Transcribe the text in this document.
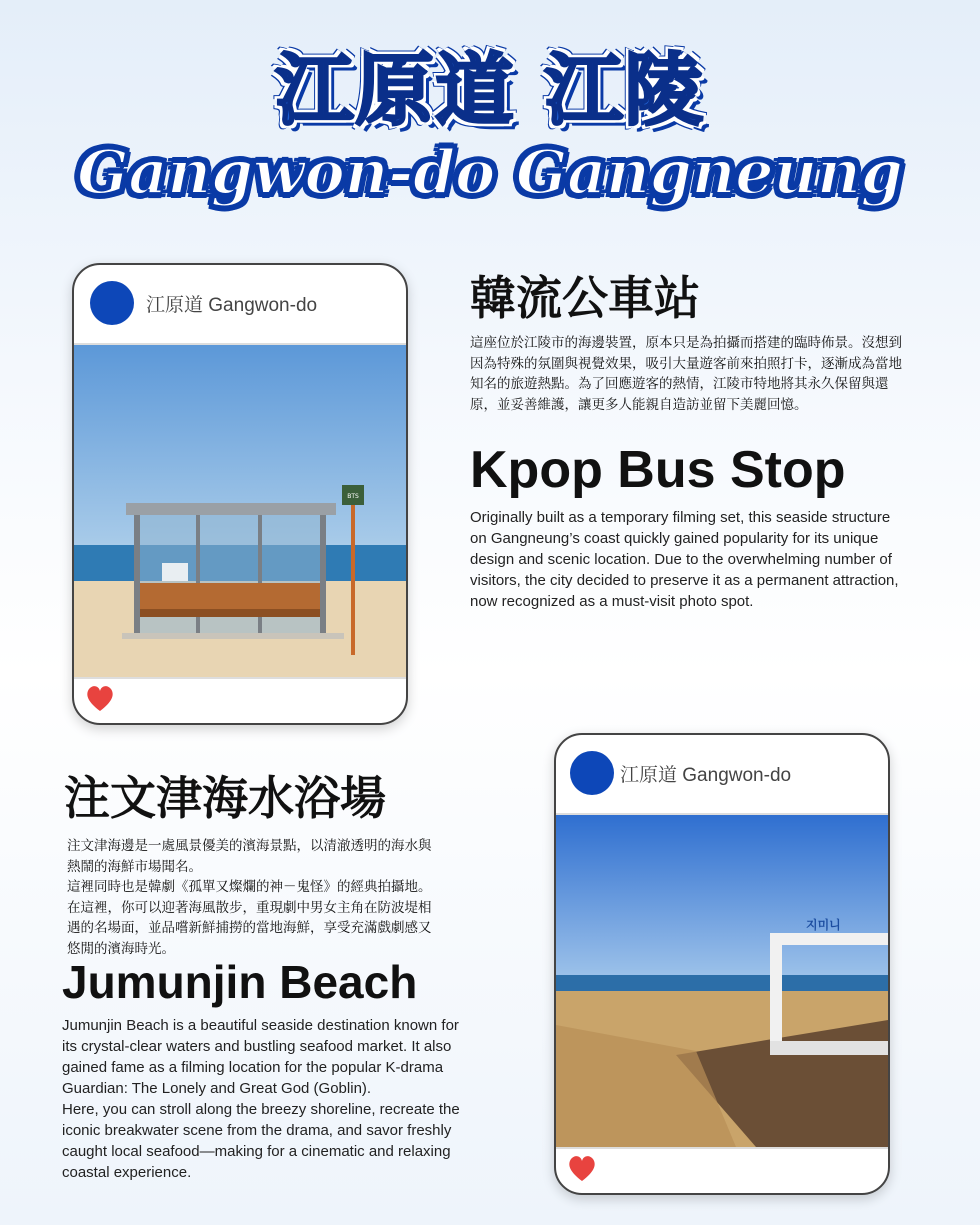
江原道 江陵
Gangwon-do Gangneung
江原道 Gangwon-do
BTS
韓流公車站
這座位於江陵市的海邊裝置，原本只是為拍攝而搭建的臨時佈景。沒想到因為特殊的氛圍與視覺效果，吸引大量遊客前來拍照打卡，逐漸成為當地知名的旅遊熱點。為了回應遊客的熱情，江陵市特地將其永久保留與還原，並妥善維護，讓更多人能親自造訪並留下美麗回憶。
Kpop Bus Stop
Originally built as a temporary filming set, this seaside structure on Gangneung’s coast quickly gained popularity for its unique design and scenic location. Due to the overwhelming number of visitors, the city decided to preserve it as a permanent attraction, now recognized as a must-visit photo spot.
注文津海水浴場
注文津海邊是一處風景優美的濱海景點，以清澈透明的海水與熱鬧的海鮮市場聞名。
這裡同時也是韓劇《孤單又燦爛的神－鬼怪》的經典拍攝地。在這裡，你可以迎著海風散步，重現劇中男女主角在防波堤相遇的名場面，並品嚐新鮮捕撈的當地海鮮，享受充滿戲劇感又悠閒的濱海時光。
Jumunjin Beach
Jumunjin Beach is a beautiful seaside destination known for its crystal-clear waters and bustling seafood market. It also gained fame as a filming location for the popular K-drama Guardian: The Lonely and Great God (Goblin).
Here, you can stroll along the breezy shoreline, recreate the iconic breakwater scene from the drama, and savor freshly caught local seafood—making for a cinematic and relaxing coastal experience.
江原道 Gangwon-do
지미니
